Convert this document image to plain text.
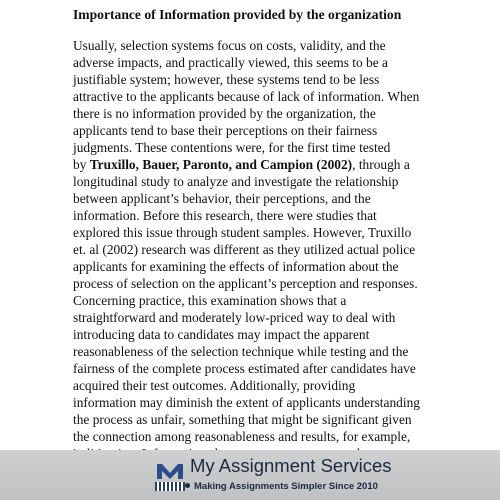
Importance of Information provided by the organization
Usually, selection systems focus on costs, validity, and the
adverse impacts, and practically viewed, this seems to be a
justifiable system; however, these systems tend to be less
attractive to the applicants because of lack of information. When
there is no information provided by the organization, the
applicants tend to base their perceptions on their fairness
judgments. These contentions were, for the first time tested
by Truxillo, Bauer, Paronto, and Campion (2002), through a
longitudinal study to analyze and investigate the relationship
between applicant’s behavior, their perceptions, and the
information. Before this research, there were studies that
explored this issue through student samples. However, Truxillo
et. al (2002) research was different as they utilized actual police
applicants for examining the effects of information about the
process of selection on the applicant’s perception and responses.
Concerning practice, this examination shows that a
straightforward and moderately low-priced way to deal with
introducing data to candidates may impact the apparent
reasonableness of the selection technique while testing and the
fairness of the complete process estimated after candidates have
acquired their test outcomes. Additionally, providing
information may diminish the extent of applicants understanding
the process as unfair, something that might be significant given
the connection among reasonableness and results, for example,
My Assignment Services
Making Assignments Simpler Since 2010
